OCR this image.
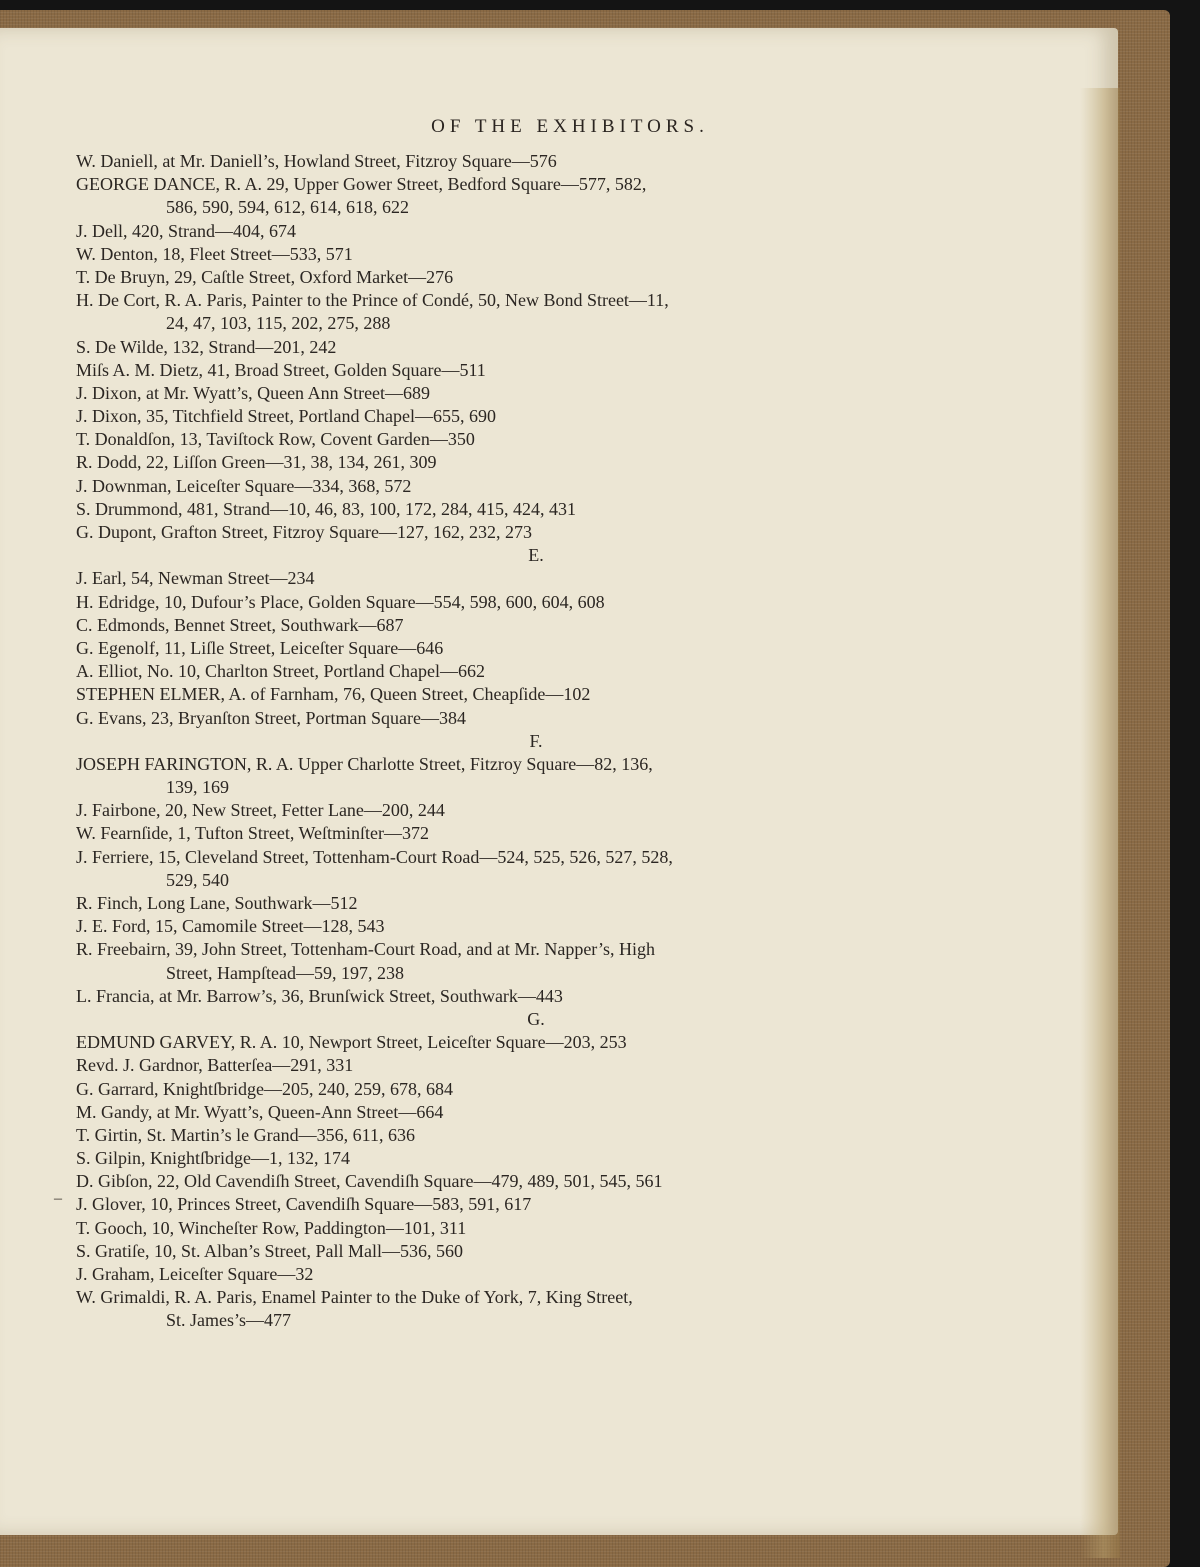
OF THE EXHIBITORS.
W. Daniell, at Mr. Daniell’s, Howland Street, Fitzroy Square—576
GEORGE DANCE, R. A. 29, Upper Gower Street, Bedford Square—577, 582,
586, 590, 594, 612, 614, 618, 622
J. Dell, 420, Strand—404, 674
W. Denton, 18, Fleet Street—533, 571
T. De Bruyn, 29, Caſtle Street, Oxford Market—276
H. De Cort, R. A. Paris, Painter to the Prince of Condé, 50, New Bond Street—11,
24, 47, 103, 115, 202, 275, 288
S. De Wilde, 132, Strand—201, 242
Miſs A. M. Dietz, 41, Broad Street, Golden Square—511
J. Dixon, at Mr. Wyatt’s, Queen Ann Street—689
J. Dixon, 35, Titchfield Street, Portland Chapel—655, 690
T. Donaldſon, 13, Taviſtock Row, Covent Garden—350
R. Dodd, 22, Liſſon Green—31, 38, 134, 261, 309
J. Downman, Leiceſter Square—334, 368, 572
S. Drummond, 481, Strand—10, 46, 83, 100, 172, 284, 415, 424, 431
G. Dupont, Grafton Street, Fitzroy Square—127, 162, 232, 273
E.
J. Earl, 54, Newman Street—234
H. Edridge, 10, Dufour’s Place, Golden Square—554, 598, 600, 604, 608
C. Edmonds, Bennet Street, Southwark—687
G. Egenolf, 11, Liſle Street, Leiceſter Square—646
A. Elliot, No. 10, Charlton Street, Portland Chapel—662
STEPHEN ELMER, A. of Farnham, 76, Queen Street, Cheapſide—102
G. Evans, 23, Bryanſton Street, Portman Square—384
F.
JOSEPH FARINGTON, R. A. Upper Charlotte Street, Fitzroy Square—82, 136,
139, 169
J. Fairbone, 20, New Street, Fetter Lane—200, 244
W. Fearnſide, 1, Tufton Street, Weſtminſter—372
J. Ferriere, 15, Cleveland Street, Tottenham-Court Road—524, 525, 526, 527, 528,
529, 540
R. Finch, Long Lane, Southwark—512
J. E. Ford, 15, Camomile Street—128, 543
R. Freebairn, 39, John Street, Tottenham-Court Road, and at Mr. Napper’s, High
Street, Hampſtead—59, 197, 238
L. Francia, at Mr. Barrow’s, 36, Brunſwick Street, Southwark—443
G.
EDMUND GARVEY, R. A. 10, Newport Street, Leiceſter Square—203, 253
Revd. J. Gardnor, Batterſea—291, 331
G. Garrard, Knightſbridge—205, 240, 259, 678, 684
M. Gandy, at Mr. Wyatt’s, Queen-Ann Street—664
T. Girtin, St. Martin’s le Grand—356, 611, 636
S. Gilpin, Knightſbridge—1, 132, 174
D. Gibſon, 22, Old Cavendiſh Street, Cavendiſh Square—479, 489, 501, 545, 561
J. Glover, 10, Princes Street, Cavendiſh Square—583, 591, 617
T. Gooch, 10, Wincheſter Row, Paddington—101, 311
S. Gratiſe, 10, St. Alban’s Street, Pall Mall—536, 560
J. Graham, Leiceſter Square—32
W. Grimaldi, R. A. Paris, Enamel Painter to the Duke of York, 7, King Street,
St. James’s—477
–
